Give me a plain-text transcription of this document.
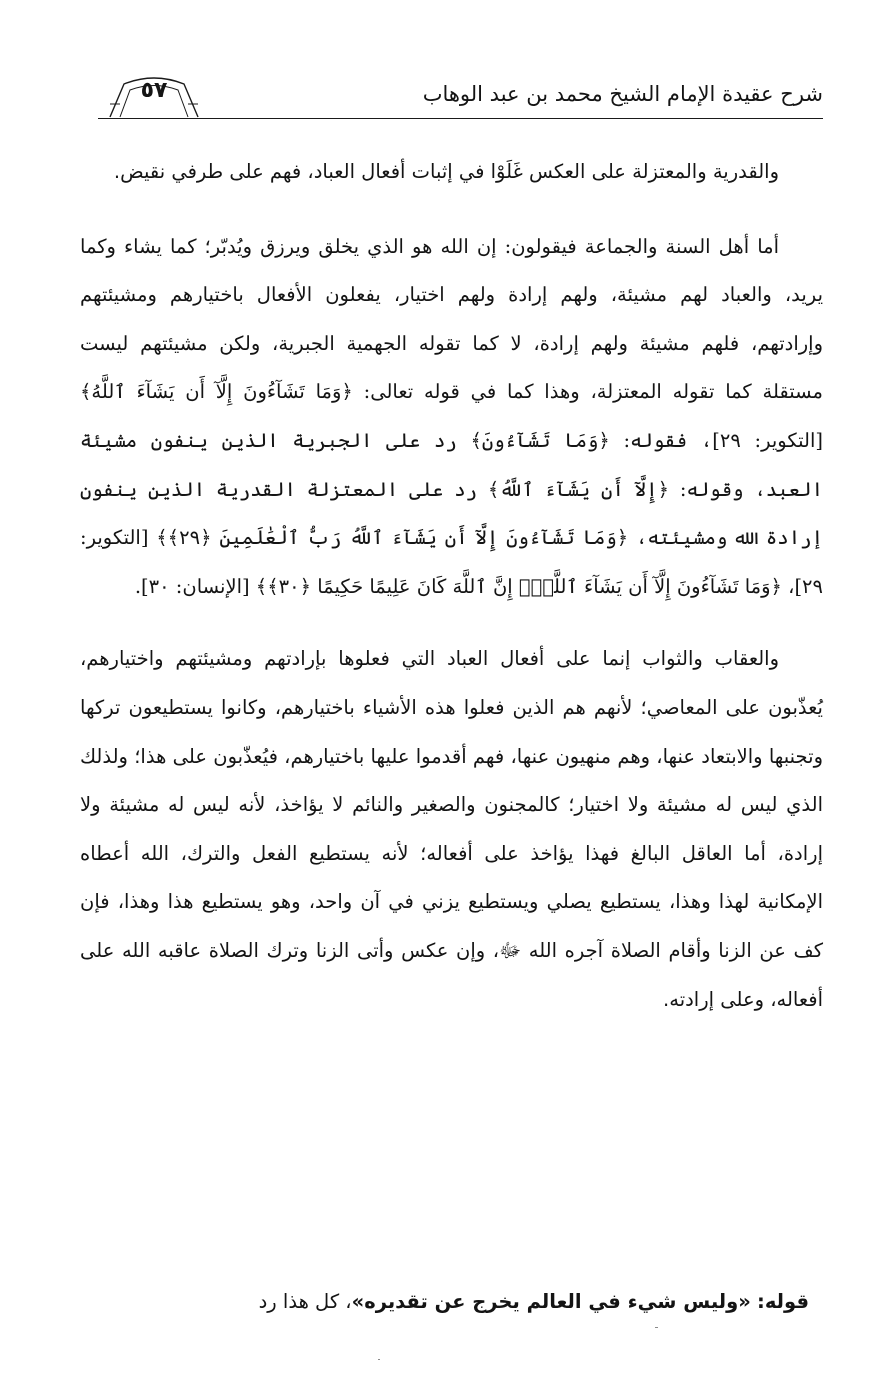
شرح عقيدة الإمام الشيخ محمد بن عبد الوهاب
٥٧

والقدرية والمعتزلة على العكس غَلَوْا في إثبات أفعال العباد، فهم على طرفي نقيض.

أما أهل السنة والجماعة فيقولون: إن الله هو الذي يخلق ويرزق ويُدبّر؛ كما يشاء وكما يريد، والعباد لهم مشيئة، ولهم إرادة ولهم اختيار، يفعلون الأفعال باختيارهم ومشيئتهم وإرادتهم، فلهم مشيئة ولهم إرادة، لا كما تقوله الجهمية الجبرية، ولكن مشيئتهم ليست مستقلة كما تقوله المعتزلة، وهذا كما في قوله تعالى: ﴿وَمَا تَشَآءُونَ إِلَّآ أَن يَشَآءَ ٱللَّهُ﴾ [التكوير: ٢٩]، فقوله: ﴿وَمَا تَشَآءُونَ﴾ رد على الجبرية الذين ينفون مشيئة العبد، وقوله: ﴿إِلَّآ أَن يَشَآءَ ٱللَّهُ﴾ رد على المعتزلة القدرية الذين ينفون إرادة الله ومشيئته، ﴿وَمَا تَشَآءُونَ إِلَّآ أَن يَشَآءَ ٱللَّهُ رَبُّ ٱلْعَٰلَمِينَ ﴿٢٩﴾﴾ [التكوير: ٢٩]، ﴿وَمَا تَشَآءُونَ إِلَّآ أَن يَشَآءَ ٱللَّهُۚ إِنَّ ٱللَّهَ كَانَ عَلِيمًا حَكِيمًا ﴿٣٠﴾﴾ [الإنسان: ٣٠].

والعقاب والثواب إنما على أفعال العباد التي فعلوها بإرادتهم ومشيئتهم واختيارهم، يُعذّبون على المعاصي؛ لأنهم هم الذين فعلوا هذه الأشياء باختيارهم، وكانوا يستطيعون تركها وتجنبها والابتعاد عنها، وهم منهيون عنها، فهم أقدموا عليها باختيارهم، فيُعذّبون على هذا؛ ولذلك الذي ليس له مشيئة ولا اختيار؛ كالمجنون والصغير والنائم لا يؤاخذ، لأنه ليس له مشيئة ولا إرادة، أما العاقل البالغ فهذا يؤاخذ على أفعاله؛ لأنه يستطيع الفعل والترك، الله أعطاه الإمكانية لهذا وهذا، يستطيع يصلي ويستطيع يزني في آن واحد، وهو يستطيع هذا وهذا، فإن كف عن الزنا وأقام الصلاة آجره الله ﷻ، وإن عكس وأتى الزنا وترك الصلاة عاقبه الله على أفعاله، وعلى إرادته.

قوله: «وليس شيء في العالم يخرج عن تقديره»، كل هذا رد
